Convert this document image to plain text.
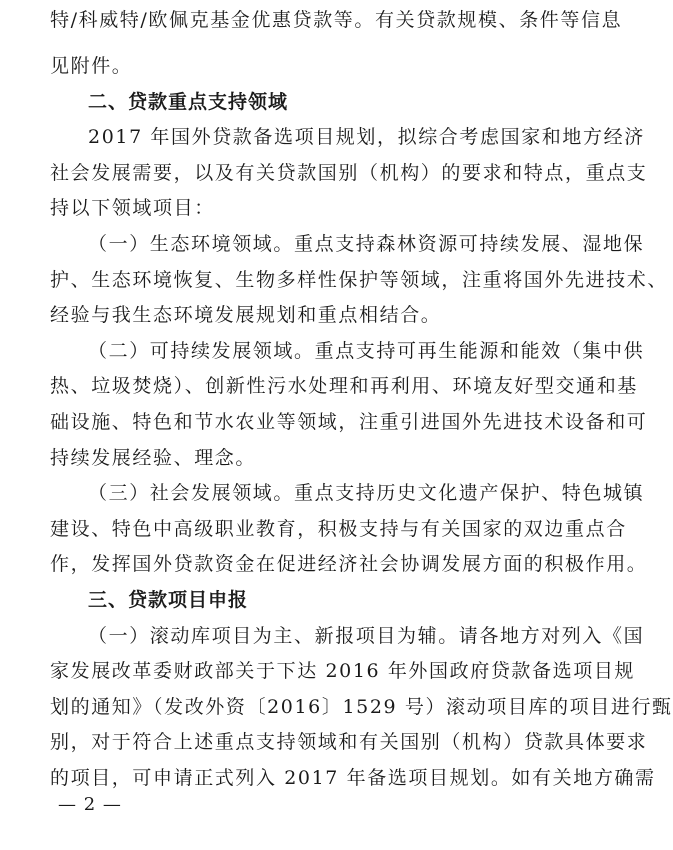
特/科威特/欧佩克基金优惠贷款等。有关贷款规模、条件等信息
见附件。
二、贷款重点支持领域
2017 年国外贷款备选项目规划，拟综合考虑国家和地方经济
社会发展需要，以及有关贷款国别（机构）的要求和特点，重点支
持以下领域项目：
（一）生态环境领域。重点支持森林资源可持续发展、湿地保
护、生态环境恢复、生物多样性保护等领域，注重将国外先进技术、
经验与我生态环境发展规划和重点相结合。
（二）可持续发展领域。重点支持可再生能源和能效（集中供
热、垃圾焚烧）、创新性污水处理和再利用、环境友好型交通和基
础设施、特色和节水农业等领域，注重引进国外先进技术设备和可
持续发展经验、理念。
（三）社会发展领域。重点支持历史文化遗产保护、特色城镇
建设、特色中高级职业教育，积极支持与有关国家的双边重点合
作，发挥国外贷款资金在促进经济社会协调发展方面的积极作用。
三、贷款项目申报
（一）滚动库项目为主、新报项目为辅。请各地方对列入《国
家发展改革委财政部关于下达 2016 年外国政府贷款备选项目规
划的通知》（发改外资〔2016〕1529 号）滚动项目库的项目进行甄
别，对于符合上述重点支持领域和有关国别（机构）贷款具体要求
的项目，可申请正式列入 2017 年备选项目规划。如有关地方确需
— 2 —
